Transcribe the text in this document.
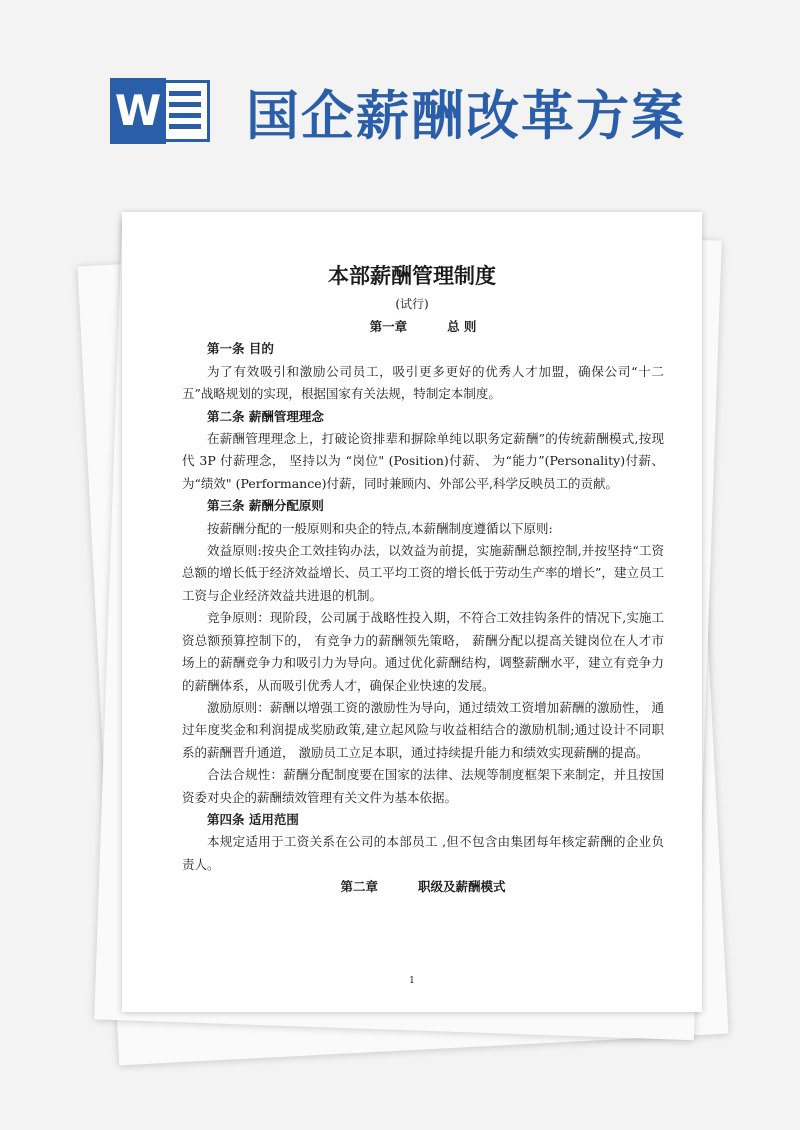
W 国企薪酬改革方案
本部薪酬管理制度
(试行)

第一章	总 则

第一条 目的

为了有效吸引和激励公司员工，吸引更多更好的优秀人才加盟，确保公司“十二五”战略规划的实现，根据国家有关法规，特制定本制度。

第二条 薪酬管理理念

在薪酬管理理念上，打破论资排辈和摒除单纯以职务定薪酬”的传统薪酬模式,按现代 3P 付薪理念， 坚持以为 “岗位" (Position)付薪、 为“能力”(Personality)付薪、为“绩效" (Performance)付薪，同时兼顾内、外部公平,科学反映员工的贡献。

第三条 薪酬分配原则

按薪酬分配的一般原则和央企的特点,本薪酬制度遵循以下原则:

效益原则:按央企工效挂钩办法，以效益为前提，实施薪酬总额控制,并按坚持“工资总额的增长低于经济效益增长、员工平均工资的增长低于劳动生产率的增长”，建立员工工资与企业经济效益共进退的机制。

竞争原则：现阶段，公司属于战略性投入期，不符合工效挂钩条件的情况下,实施工资总额预算控制下的， 有竞争力的薪酬领先策略， 薪酬分配以提高关键岗位在人才市场上的薪酬竞争力和吸引力为导向。通过优化薪酬结构，调整薪酬水平，建立有竞争力的薪酬体系，从而吸引优秀人才，确保企业快速的发展。

激励原则：薪酬以增强工资的激励性为导向，通过绩效工资增加薪酬的激励性， 通过年度奖金和利润提成奖励政策,建立起风险与收益相结合的激励机制;通过设计不同职系的薪酬晋升通道， 激励员工立足本职，通过持续提升能力和绩效实现薪酬的提高。

合法合规性：薪酬分配制度要在国家的法律、法规等制度框架下来制定，并且按国资委对央企的薪酬绩效管理有关文件为基本依据。

第四条 适用范围

本规定适用于工资关系在公司的本部员工 ,但不包含由集团每年核定薪酬的企业负责人。

第二章	职级及薪酬模式

1
